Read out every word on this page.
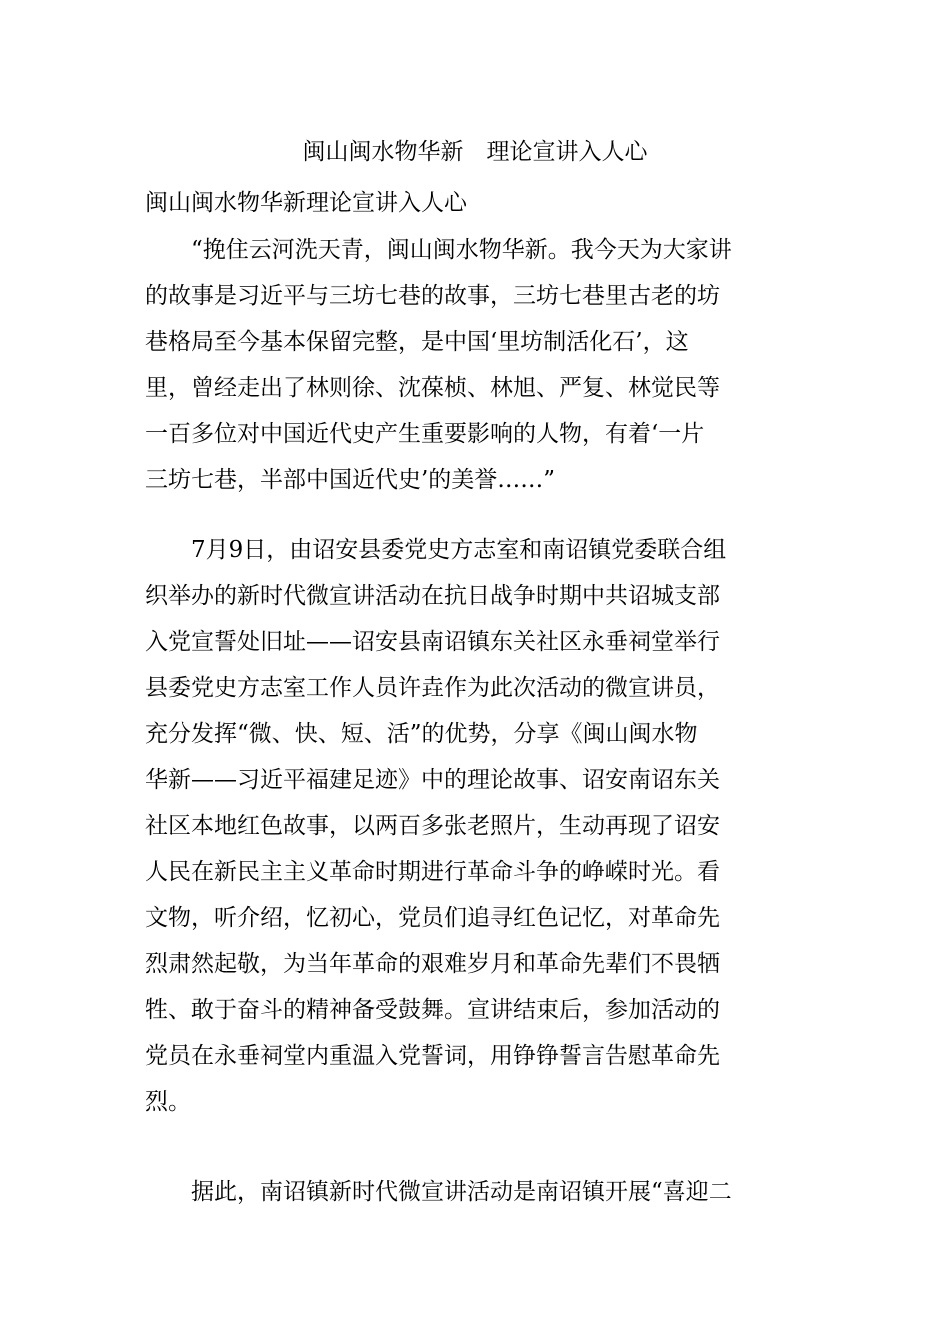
闽山闽水物华新　理论宣讲入人心
闽山闽水物华新理论宣讲入人心
“挽住云河洗天青，闽山闽水物华新。我今天为大家讲
的故事是习近平与三坊七巷的故事，三坊七巷里古老的坊
巷格局至今基本保留完整，是中国‘里坊制活化石’，这
里，曾经走出了林则徐、沈葆桢、林旭、严复、林觉民等
一百多位对中国近代史产生重要影响的人物，有着‘一片
三坊七巷，半部中国近代史’的美誉……”
7月9日，由诏安县委党史方志室和南诏镇党委联合组
织举办的新时代微宣讲活动在抗日战争时期中共诏城支部
入党宣誓处旧址——诏安县南诏镇东关社区永垂祠堂举行
县委党史方志室工作人员许垚作为此次活动的微宣讲员，
充分发挥“微、快、短、活”的优势，分享《闽山闽水物
华新——习近平福建足迹》中的理论故事、诏安南诏东关
社区本地红色故事，以两百多张老照片，生动再现了诏安
人民在新民主主义革命时期进行革命斗争的峥嵘时光。看
文物，听介绍，忆初心，党员们追寻红色记忆，对革命先
烈肃然起敬，为当年革命的艰难岁月和革命先辈们不畏牺
牲、敢于奋斗的精神备受鼓舞。宣讲结束后，参加活动的
党员在永垂祠堂内重温入党誓词，用铮铮誓言告慰革命先
烈。
据此，南诏镇新时代微宣讲活动是南诏镇开展“喜迎二
